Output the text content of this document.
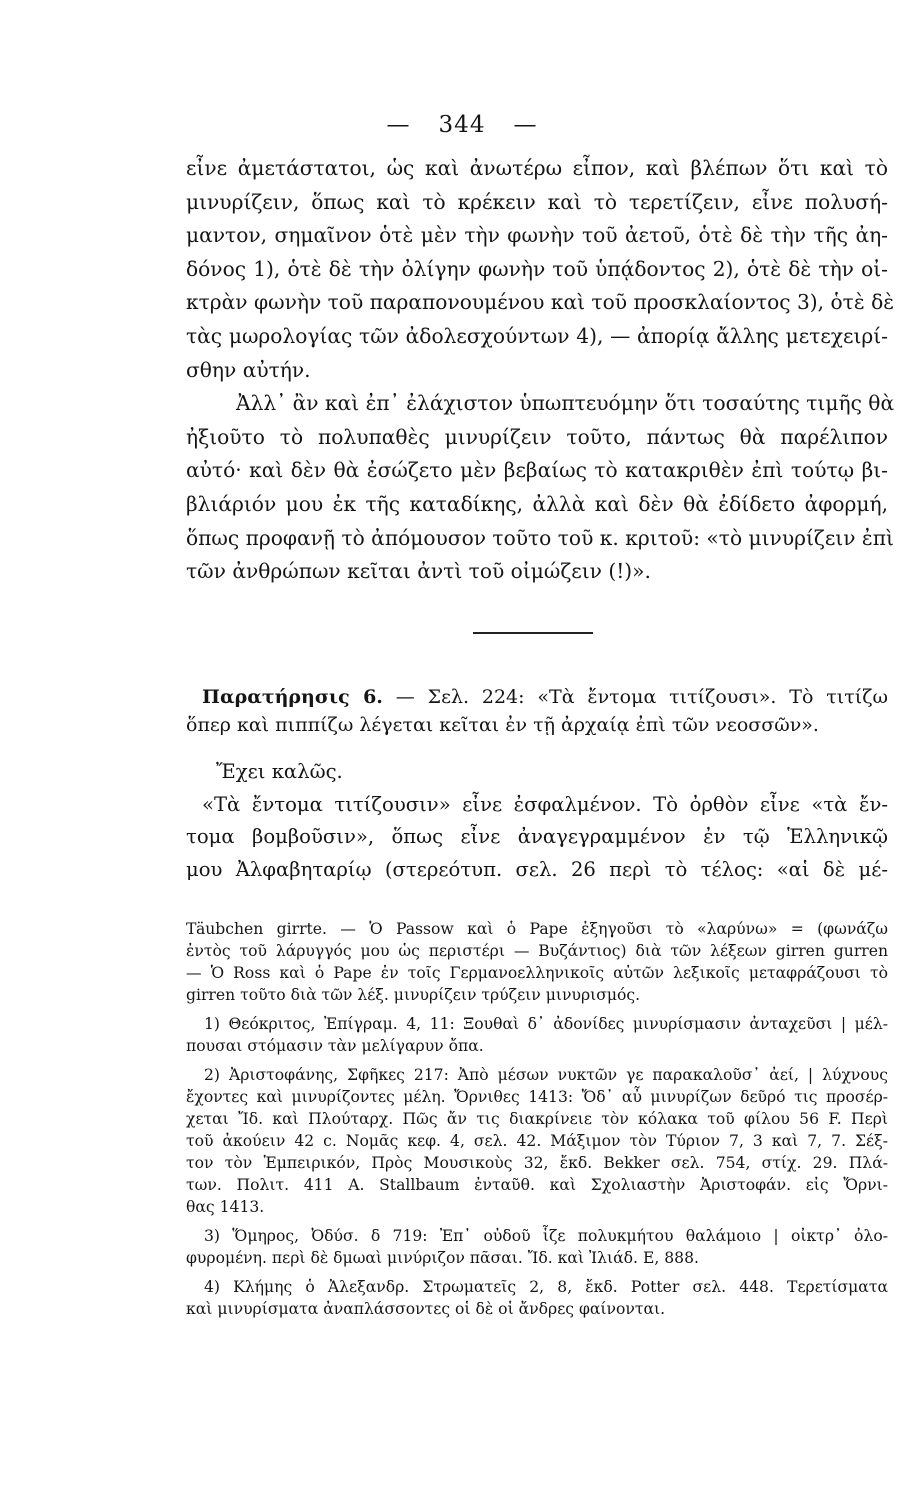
— 344 —
εἶνε ἀμετάστατοι, ὡς καὶ ἀνωτέρω εἶπον, καὶ βλέπων ὅτι καὶ τὸ
μινυρίζειν, ὅπως καὶ τὸ κρέκειν καὶ τὸ τερετίζειν, εἶνε πολυσή-
μαντον, σημαῖνον ὁτὲ μὲν τὴν φωνὴν τοῦ ἀετοῦ, ὁτὲ δὲ τὴν τῆς ἀη-
δόνος 1), ὁτὲ δὲ τὴν ὀλίγην φωνὴν τοῦ ὑπᾴδοντος 2), ὁτὲ δὲ τὴν οἰ-
κτρὰν φωνὴν τοῦ παραπονουμένου καὶ τοῦ προσκλαίοντος 3), ὁτὲ δὲ
τὰς μωρολογίας τῶν ἀδολεσχούντων 4), — ἀπορίᾳ ἄλλης μετεχειρί-
σθην αὐτήν.
Ἀλλ᾿ ἂν καὶ ἐπ᾿ ἐλάχιστον ὑπωπτευόμην ὅτι τοσαύτης τιμῆς θὰ
ἠξιοῦτο τὸ πολυπαθὲς μινυρίζειν τοῦτο, πάντως θὰ παρέλιπον
αὐτό· καὶ δὲν θὰ ἐσώζετο μὲν βεβαίως τὸ κατακριθὲν ἐπὶ τούτῳ βι-
βλιάριόν μου ἐκ τῆς καταδίκης, ἀλλὰ καὶ δὲν θὰ ἐδίδετο ἀφορμή,
ὅπως προφανῇ τὸ ἀπόμουσον τοῦτο τοῦ κ. κριτοῦ: «τὸ μινυρίζειν ἐπὶ
τῶν ἀνθρώπων κεῖται ἀντὶ τοῦ οἰμώζειν (!)».
Παρατήρησις 6. — Σελ. 224: «Τὰ ἔντομα τιτίζουσι». Τὸ τιτίζω
ὅπερ καὶ πιππίζω λέγεται κεῖται ἐν τῇ ἀρχαίᾳ ἐπὶ τῶν νεοσσῶν».
Ἔχει καλῶς.
«Τὰ ἔντομα τιτίζουσιν» εἶνε ἐσφαλμένον. Τὸ ὀρθὸν εἶνε «τὰ ἔν-
τομα βομβοῦσιν», ὅπως εἶνε ἀναγεγραμμένον ἐν τῷ Ἑλληνικῷ
μου Ἀλφαβηταρίῳ (στερεότυπ. σελ. 26 περὶ τὸ τέλος: «αἱ δὲ μέ-
Täubchen girrte. — Ὁ Passow καὶ ὁ Pape ἐξηγοῦσι τὸ «λαρύνω» = (φωνάζω
ἐντὸς τοῦ λάρυγγός μου ὡς περιστέρι — Βυζάντιος) διὰ τῶν λέξεων girren gurren
— Ὁ Ross καὶ ὁ Pape ἐν τοῖς Γερμανοελληνικοῖς αὐτῶν λεξικοῖς μεταφράζουσι τὸ
girren τοῦτο διὰ τῶν λέξ. μινυρίζειν τρύζειν μινυρισμός.
1) Θεόκριτος, Ἐπίγραμ. 4, 11: Ξουθαὶ δ᾿ ἀδονίδες μινυρίσμασιν ἀνταχεῦσι | μέλ-
πουσαι στόμασιν τὰν μελίγαρυν ὄπα.
2) Ἀριστοφάνης, Σφῆκες 217: Ἀπὸ μέσων νυκτῶν γε παρακαλοῦσ᾿ ἀεί, | λύχνους
ἔχοντες καὶ μινυρίζοντες μέλη. Ὄρνιθες 1413: Ὄδ᾿ αὖ μινυρίζων δεῦρό τις προσέρ-
χεται Ἴδ. καὶ Πλούταρχ. Πῶς ἄν τις διακρίνειε τὸν κόλακα τοῦ φίλου 56 F. Περὶ
τοῦ ἀκούειν 42 c. Νομᾶς κεφ. 4, σελ. 42. Μάξιμον τὸν Τύριον 7, 3 καὶ 7, 7. Σέξ-
τον τὸν Ἐμπειρικόν, Πρὸς Μουσικοὺς 32, ἔκδ. Bekker σελ. 754, στίχ. 29. Πλά-
των. Πολιτ. 411 A. Stallbaum ἐνταῦθ. καὶ Σχολιαστὴν Ἀριστοφάν. εἰς Ὄρνι-
θας 1413.
3) Ὅμηρος, Ὀδύσ. δ 719: Ἐπ᾿ οὐδοῦ ἷζε πολυκμήτου θαλάμοιο | οἰκτρ᾿ ὀλο-
φυρομένη. περὶ δὲ δμωαὶ μινύριζον πᾶσαι. Ἴδ. καὶ Ἰλιάδ. E, 888.
4) Κλήμης ὁ Ἀλεξανδρ. Στρωματεῖς 2, 8, ἔκδ. Potter σελ. 448. Τερετίσματα
καὶ μινυρίσματα ἀναπλάσσοντες οἱ δὲ οἱ ἄνδρες φαίνονται.
